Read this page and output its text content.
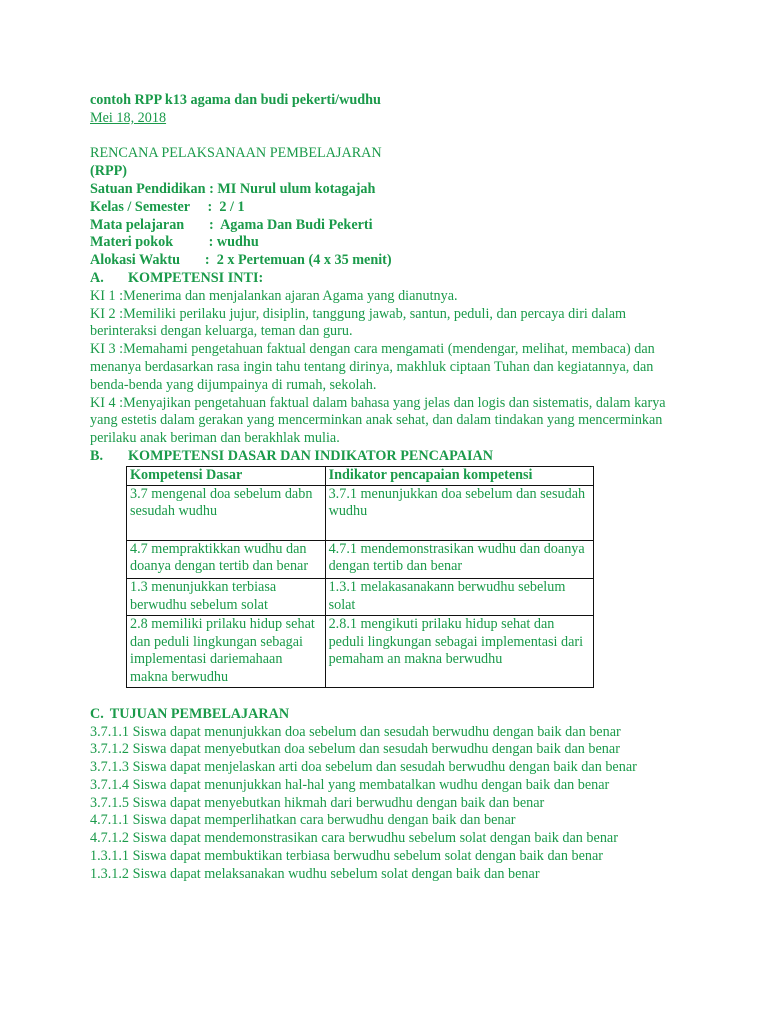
contoh RPP k13 agama dan budi pekerti/wudhu
Mei 18, 2018
RENCANA PELAKSANAAN PEMBELAJARAN
(RPP)
Satuan Pendidikan : MI Nurul ulum kotagajah
Kelas / Semester     :  2 / 1
Mata pelajaran       :  Agama Dan Budi Pekerti
Materi pokok          : wudhu
Alokasi Waktu       :  2 x Pertemuan (4 x 35 menit)
A. KOMPETENSI INTI:

KI 1 :Menerima dan menjalankan ajaran Agama yang dianutnya.

KI 2 :Memiliki perilaku jujur, disiplin, tanggung jawab, santun, peduli, dan percaya diri dalam berinteraksi dengan keluarga, teman dan guru.

KI 3 :Memahami pengetahuan faktual dengan cara mengamati (mendengar, melihat, membaca) dan menanya berdasarkan rasa ingin tahu tentang dirinya, makhluk ciptaan Tuhan dan kegiatannya, dan benda-benda yang dijumpainya di rumah, sekolah.

KI 4 :Menyajikan pengetahuan faktual dalam bahasa yang jelas dan logis dan sistematis, dalam karya yang estetis dalam gerakan yang mencerminkan anak sehat, dan dalam tindakan yang mencerminkan perilaku anak beriman dan berakhlak mulia.

B. KOMPETENSI DASAR DAN INDIKATOR PENCAPAIAN
Kompetensi Dasar	Indikator pencapaian kompetensi
3.7 mengenal doa sebelum dabn sesudah wudhu	3.7.1 menunjukkan doa sebelum dan sesudah wudhu
4.7 mempraktikkan wudhu dan doanya dengan tertib dan benar	4.7.1 mendemonstrasikan wudhu dan doanya dengan tertib dan benar
1.3 menunjukkan terbiasa berwudhu sebelum solat	1.3.1 melakasanakann berwudhu sebelum solat
2.8 memiliki prilaku hidup sehat dan peduli lingkungan sebagai implementasi dariemahaan makna berwudhu	2.8.1 mengikuti prilaku hidup sehat dan peduli lingkungan sebagai implementasi dari pemaham an makna berwudhu
C. TUJUAN PEMBELAJARAN
3.7.1.1 Siswa dapat menunjukkan doa sebelum dan sesudah berwudhu dengan baik dan benar
3.7.1.2 Siswa dapat menyebutkan doa sebelum dan sesudah berwudhu dengan baik dan benar
3.7.1.3 Siswa dapat menjelaskan arti doa sebelum dan sesudah berwudhu dengan baik dan benar
3.7.1.4 Siswa dapat menunjukkan hal-hal yang membatalkan wudhu dengan baik dan benar
3.7.1.5 Siswa dapat menyebutkan hikmah dari berwudhu dengan baik dan benar
4.7.1.1 Siswa dapat memperlihatkan cara berwudhu dengan baik dan benar
4.7.1.2 Siswa dapat mendemonstrasikan cara berwudhu sebelum solat dengan baik dan benar
1.3.1.1 Siswa dapat membuktikan terbiasa berwudhu sebelum solat dengan baik dan benar
1.3.1.2 Siswa dapat melaksanakan wudhu sebelum solat dengan baik dan benar
